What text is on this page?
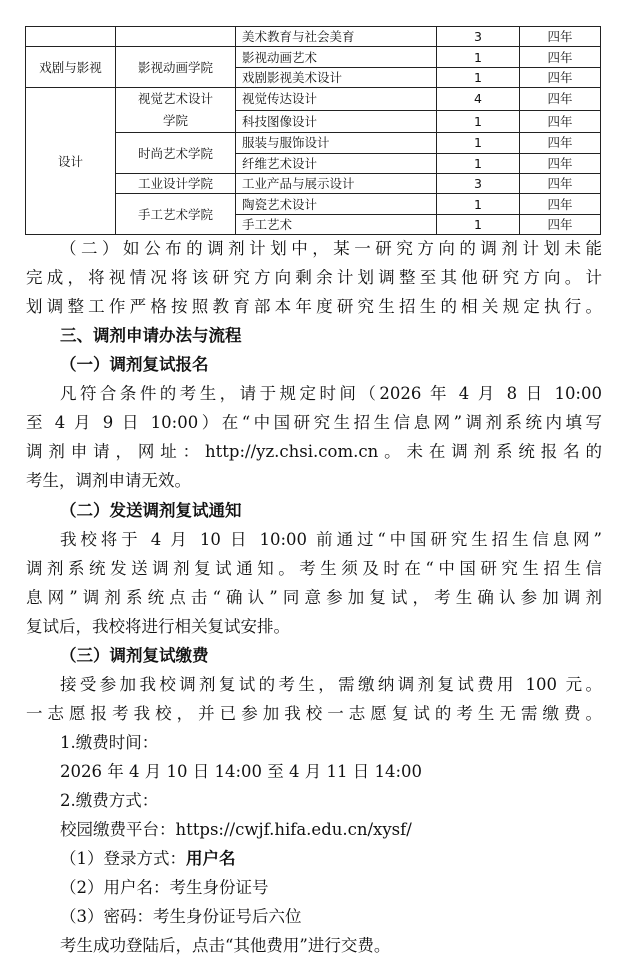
		美术教育与社会美育	3	四年
戏剧与影视	影视动画学院	影视动画艺术	1	四年
		戏剧影视美术设计	1	四年
设计	视觉艺术设计学院	视觉传达设计	4	四年
		科技图像设计	1	四年
	时尚艺术学院	服装与服饰设计	1	四年
		纤维艺术设计	1	四年
	工业设计学院	工业产品与展示设计	3	四年
	手工艺术学院	陶瓷艺术设计	1	四年
		手工艺术	1	四年
（二）如公布的调剂计划中，某一研究方向的调剂计划未能
完成，将视情况将该研究方向剩余计划调整至其他研究方向。计
划调整工作严格按照教育部本年度研究生招生的相关规定执行。
三、调剂申请办法与流程
（一）调剂复试报名
凡符合条件的考生，请于规定时间（2026 年 4 月 8 日 10:00
至 4 月 9 日 10:00）在“中国研究生招生信息网”调剂系统内填写
调剂申请，网址：http://yz.chsi.com.cn。未在调剂系统报名的
考生，调剂申请无效。
（二）发送调剂复试通知
我校将于 4 月 10 日 10:00 前通过“中国研究生招生信息网”
调剂系统发送调剂复试通知。考生须及时在“中国研究生招生信
息网”调剂系统点击“确认”同意参加复试，考生确认参加调剂
复试后，我校将进行相关复试安排。
（三）调剂复试缴费
接受参加我校调剂复试的考生，需缴纳调剂复试费用 100 元。
一志愿报考我校，并已参加我校一志愿复试的考生无需缴费。
1.缴费时间：
2026 年 4 月 10 日 14:00 至 4 月 11 日 14:00
2.缴费方式：
校园缴费平台：https://cwjf.hifa.edu.cn/xysf/
（1）登录方式：用户名
（2）用户名：考生身份证号
（3）密码：考生身份证号后六位
考生成功登陆后，点击“其他费用”进行交费。
